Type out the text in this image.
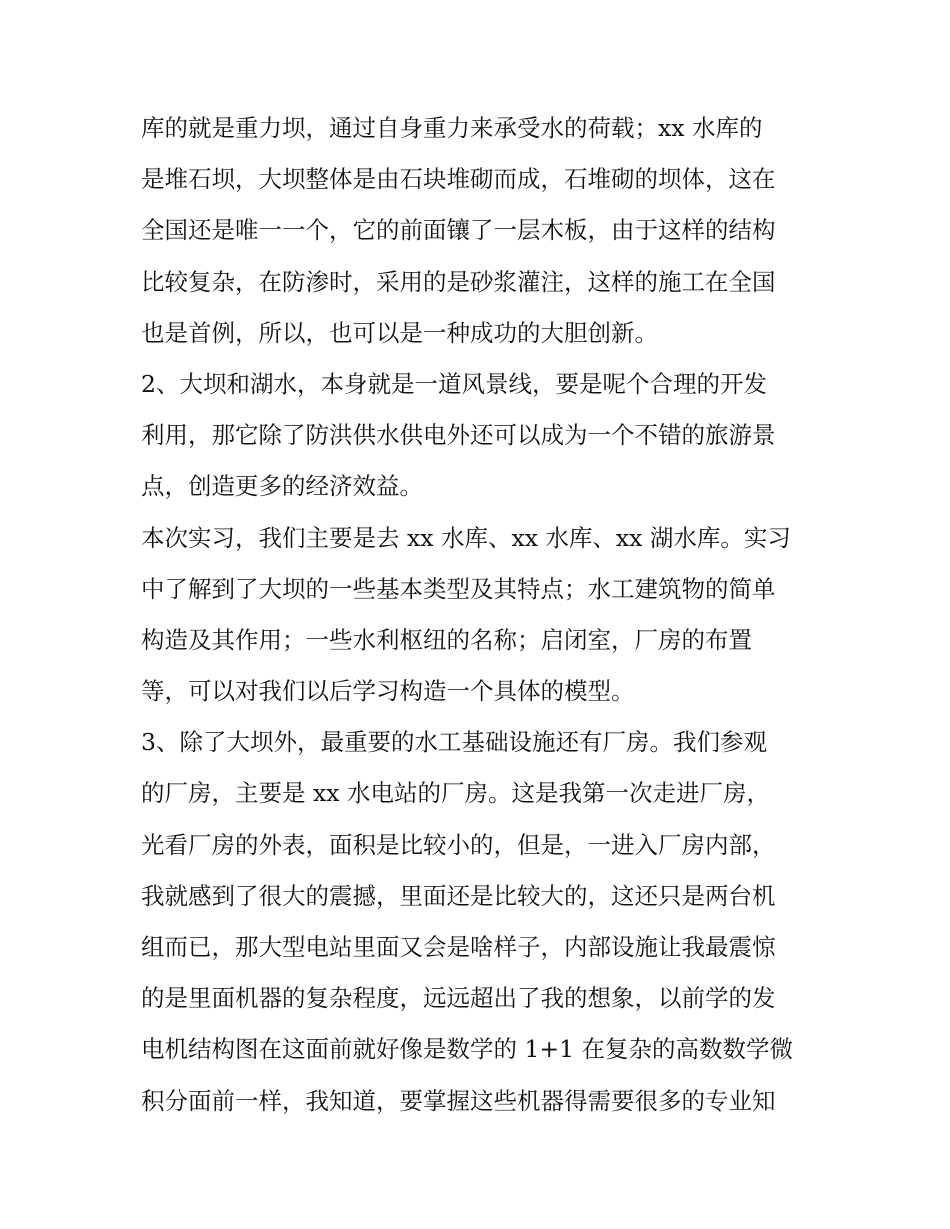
库的就是重力坝，通过自身重力来承受水的荷载；xx 水库的
是堆石坝，大坝整体是由石块堆砌而成，石堆砌的坝体，这在
全国还是唯一一个，它的前面镶了一层木板，由于这样的结构
比较复杂，在防渗时，采用的是砂浆灌注，这样的施工在全国
也是首例，所以，也可以是一种成功的大胆创新。
2、大坝和湖水，本身就是一道风景线，要是呢个合理的开发
利用，那它除了防洪供水供电外还可以成为一个不错的旅游景
点，创造更多的经济效益。
本次实习，我们主要是去 xx 水库、xx 水库、xx 湖水库。实习
中了解到了大坝的一些基本类型及其特点；水工建筑物的简单
构造及其作用；一些水利枢纽的名称；启闭室，厂房的布置
等，可以对我们以后学习构造一个具体的模型。
3、除了大坝外，最重要的水工基础设施还有厂房。我们参观
的厂房，主要是 xx 水电站的厂房。这是我第一次走进厂房，
光看厂房的外表，面积是比较小的，但是，一进入厂房内部，
我就感到了很大的震撼，里面还是比较大的，这还只是两台机
组而已，那大型电站里面又会是啥样子，内部设施让我最震惊
的是里面机器的复杂程度，远远超出了我的想象，以前学的发
电机结构图在这面前就好像是数学的 1+1 在复杂的高数数学微
积分面前一样，我知道，要掌握这些机器得需要很多的专业知
